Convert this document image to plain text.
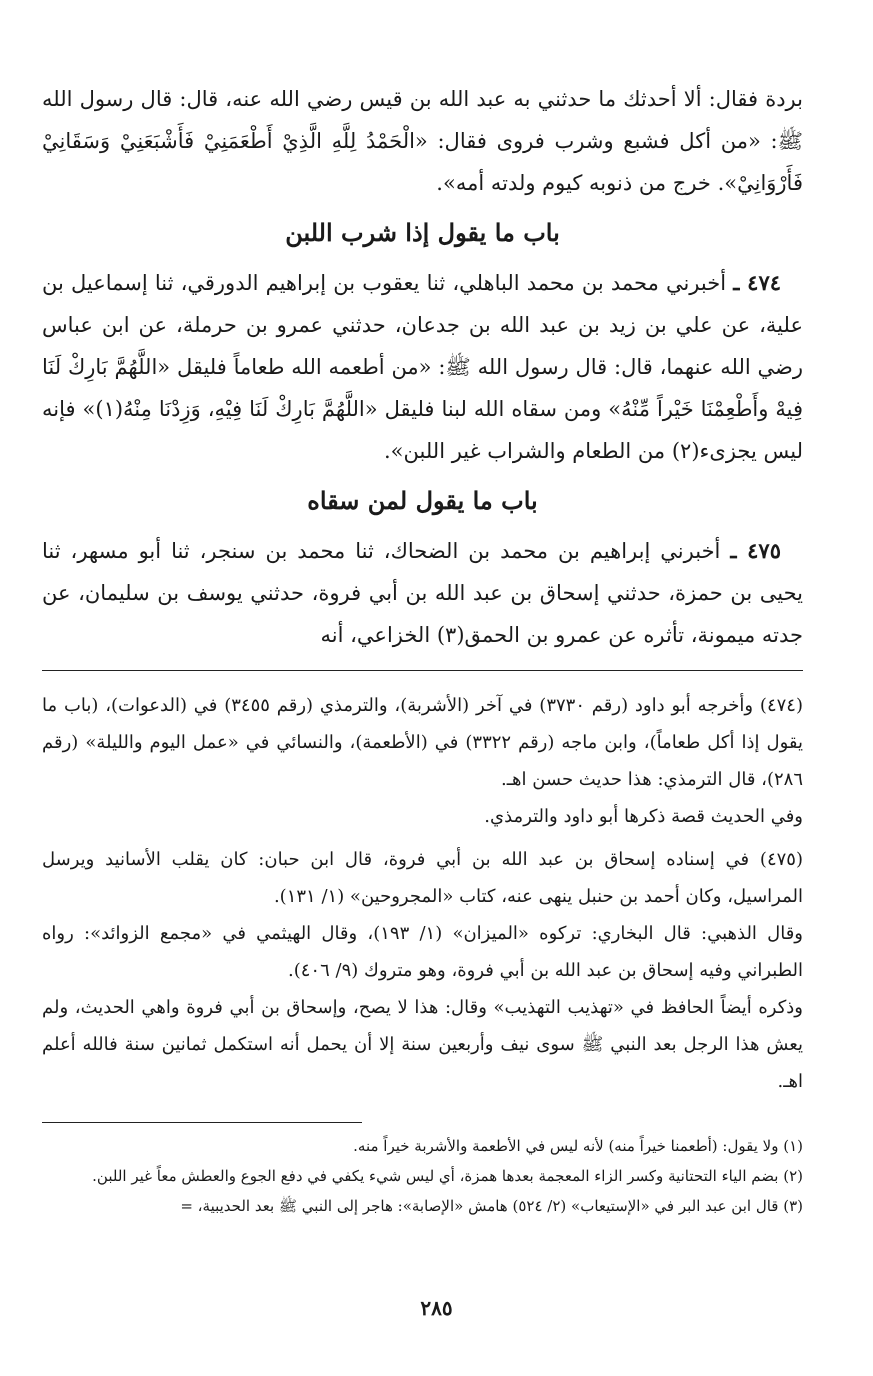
بردة فقال: ألا أحدثك ما حدثني به عبد الله بن قيس رضي الله عنه، قال: قال رسول الله ﷺ: «من أكل فشبع وشرب فروى فقال: «الْحَمْدُ لِلَّهِ الَّذِيْ أَطْعَمَنِيْ فَأَشْبَعَنِيْ وَسَقَانِيْ فَأَرْوَانِيْ». خرج من ذنوبه كيوم ولدته أمه».

باب ما يقول إذا شرب اللبن

٤٧٤ ـ أخبرني محمد بن محمد الباهلي، ثنا يعقوب بن إبراهيم الدورقي، ثنا إسماعيل بن علية، عن علي بن زيد بن عبد الله بن جدعان، حدثني عمرو بن حرملة، عن ابن عباس رضي الله عنهما، قال: قال رسول الله ﷺ: «من أطعمه الله طعاماً فليقل «اللَّهُمَّ بَارِكْ لَنَا فِيهْ وأَطْعِمْنَا خَيْراً مِّنْهُ» ومن سقاه الله لبنا فليقل «اللَّهُمَّ بَارِكْ لَنَا فِيْهِ، وَزِدْنَا مِنْهُ(١)» فإنه ليس يجزىء(٢) من الطعام والشراب غير اللبن».

باب ما يقول لمن سقاه

٤٧٥ ـ أخبرني إبراهيم بن محمد بن الضحاك، ثنا محمد بن سنجر، ثنا أبو مسهر، ثنا يحيى بن حمزة، حدثني إسحاق بن عبد الله بن أبي فروة، حدثني يوسف بن سليمان، عن جدته ميمونة، تأثره عن عمرو بن الحمق(٣) الخزاعي، أنه

(٤٧٤) وأخرجه أبو داود (رقم ٣٧٣٠) في آخر (الأشربة)، والترمذي (رقم ٣٤٥٥) في (الدعوات)، (باب ما يقول إذا أكل طعاماً)، وابن ماجه (رقم ٣٣٢٢) في (الأطعمة)، والنسائي في «عمل اليوم والليلة» (رقم ٢٨٦)، قال الترمذي: هذا حديث حسن اهـ.

وفي الحديث قصة ذكرها أبو داود والترمذي.

(٤٧٥) في إسناده إسحاق بن عبد الله بن أبي فروة، قال ابن حبان: كان يقلب الأسانيد ويرسل المراسيل، وكان أحمد بن حنبل ينهى عنه، كتاب «المجروحين» (١/ ١٣١).

وقال الذهبي: قال البخاري: تركوه «الميزان» (١/ ١٩٣)، وقال الهيثمي في «مجمع الزوائد»: رواه الطبراني وفيه إسحاق بن عبد الله بن أبي فروة، وهو متروك (٩/ ٤٠٦).

وذكره أيضاً الحافظ في «تهذيب التهذيب» وقال: هذا لا يصح، وإسحاق بن أبي فروة واهي الحديث، ولم يعش هذا الرجل بعد النبي ﷺ سوى نيف وأربعين سنة إلا أن يحمل أنه استكمل ثمانين سنة فالله أعلم اهـ.

(١) ولا يقول: (أطعمنا خيراً منه) لأنه ليس في الأطعمة والأشربة خيراً منه.

(٢) بضم الياء التحتانية وكسر الزاء المعجمة بعدها همزة، أي ليس شيء يكفي في دفع الجوع والعطش معاً غير اللبن.

(٣) قال ابن عبد البر في «الإستيعاب» (٢/ ٥٢٤) هامش «الإصابة»: هاجر إلى النبي ﷺ بعد الحديبية، =

٢٨٥
